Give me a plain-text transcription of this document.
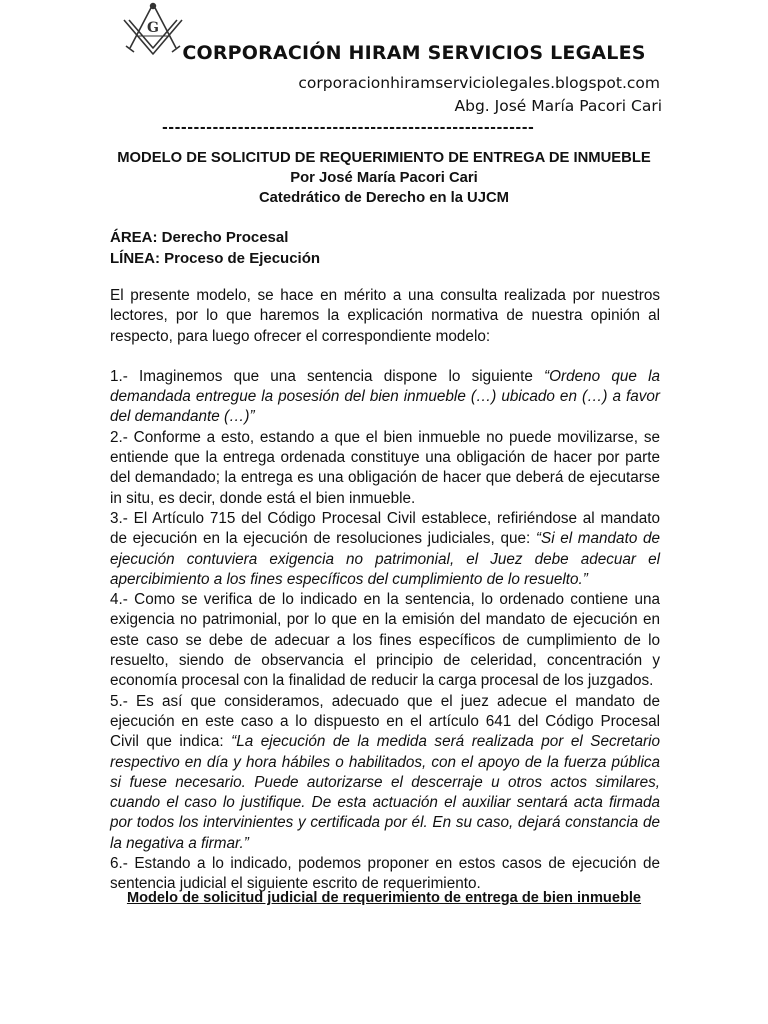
G
CORPORACIÓN HIRAM SERVICIOS LEGALES
corporacionhiramserviciolegales.blogspot.com
Abg. José María Pacori Cari
-----------------------------------------------------------
MODELO DE SOLICITUD DE REQUERIMIENTO DE ENTREGA DE INMUEBLE
Por José María Pacori Cari
Catedrático de Derecho en la UJCM
ÁREA: Derecho Procesal
LÍNEA: Proceso de Ejecución

El presente modelo, se hace en mérito a una consulta realizada por nuestros lectores, por lo que haremos la explicación normativa de nuestra opinión al respecto, para luego ofrecer el correspondiente modelo:

1.- Imaginemos que una sentencia dispone lo siguiente “Ordeno que la demandada entregue la posesión del bien inmueble (…) ubicado en (…) a favor del demandante (…)”

2.- Conforme a esto, estando a que el bien inmueble no puede movilizarse, se entiende que la entrega ordenada constituye una obligación de hacer por parte del demandado; la entrega es una obligación de hacer que deberá de ejecutarse in situ, es decir, donde está el bien inmueble.

3.- El Artículo 715 del Código Procesal Civil establece, refiriéndose al mandato de ejecución en la ejecución de resoluciones judiciales, que: “Si el mandato de ejecución contuviera exigencia no patrimonial, el Juez debe adecuar el apercibimiento a los fines específicos del cumplimiento de lo resuelto.”

4.- Como se verifica de lo indicado en la sentencia, lo ordenado contiene una exigencia no patrimonial, por lo que en la emisión del mandato de ejecución en este caso se debe de adecuar a los fines específicos de cumplimiento de lo resuelto, siendo de observancia el principio de celeridad, concentración y economía procesal con la finalidad de reducir la carga procesal de los juzgados.

5.- Es así que consideramos, adecuado que el juez adecue el mandato de ejecución en este caso a lo dispuesto en el artículo 641 del Código Procesal Civil que indica: “La ejecución de la medida será realizada por el Secretario respectivo en día y hora hábiles o habilitados, con el apoyo de la fuerza pública si fuese necesario. Puede autorizarse el descerraje u otros actos similares, cuando el caso lo justifique. De esta actuación el auxiliar sentará acta firmada por todos los intervinientes y certificada por él. En su caso, dejará constancia de la negativa a firmar.”

6.- Estando a lo indicado, podemos proponer en estos casos de ejecución de sentencia judicial el siguiente escrito de requerimiento.

Modelo de solicitud judicial de requerimiento de entrega de bien inmueble
